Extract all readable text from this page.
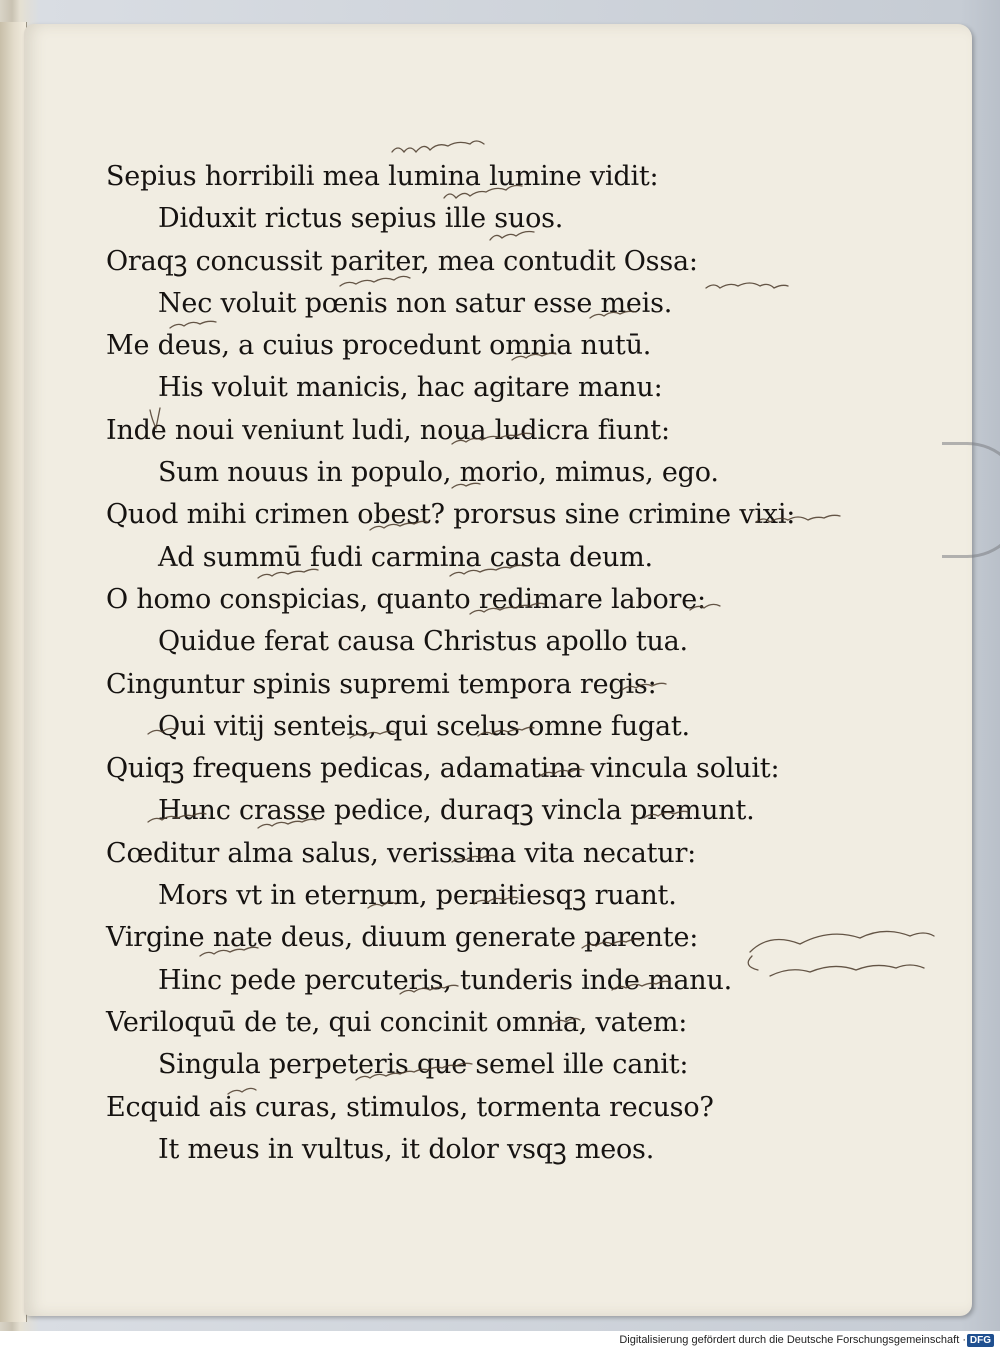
Sepius horribili mea lumina lumine vidit:
Diduxit rictus sepius ille suos.
Oraqꝫ concussit pariter, mea contudit Ossa:
Nec voluit pœnis non satur esse meis.
Me deus, a cuius procedunt omnia nutū.
His voluit manicis, hac agitare manu:
Inde noui veniunt ludi, noua ludicra fiunt:
Sum nouus in populo, morio, mimus, ego.
Quod mihi crimen obest? prorsus sine crimine vixi:
Ad summū fudi carmina casta deum.
O homo conspicias, quanto redimare labore:
Quidue ferat causa Christus apollo tua.
Cinguntur spinis supremi tempora regis:
Qui vitij senteis, qui scelus omne fugat.
Quiqꝫ frequens pedicas, adamatina vincula soluit:
Hunc crasse pedice, duraqꝫ vincla premunt.
Cœditur alma salus, verissima vita necatur:
Mors vt in eternum, pernitiesqꝫ ruant.
Virgine nate deus, diuum generate parente:
Hinc pede percuteris, tunderis inde manu.
Veriloquū de te, qui concinit omnia, vatem:
Singula perpeteris que semel ille canit:
Ecquid ais curas, stimulos, tormenta recuso?
It meus in vultus, it dolor vsqꝫ meos.
Digitalisierung gefördert durch die Deutsche Forschungsgemeinschaft · DFG
